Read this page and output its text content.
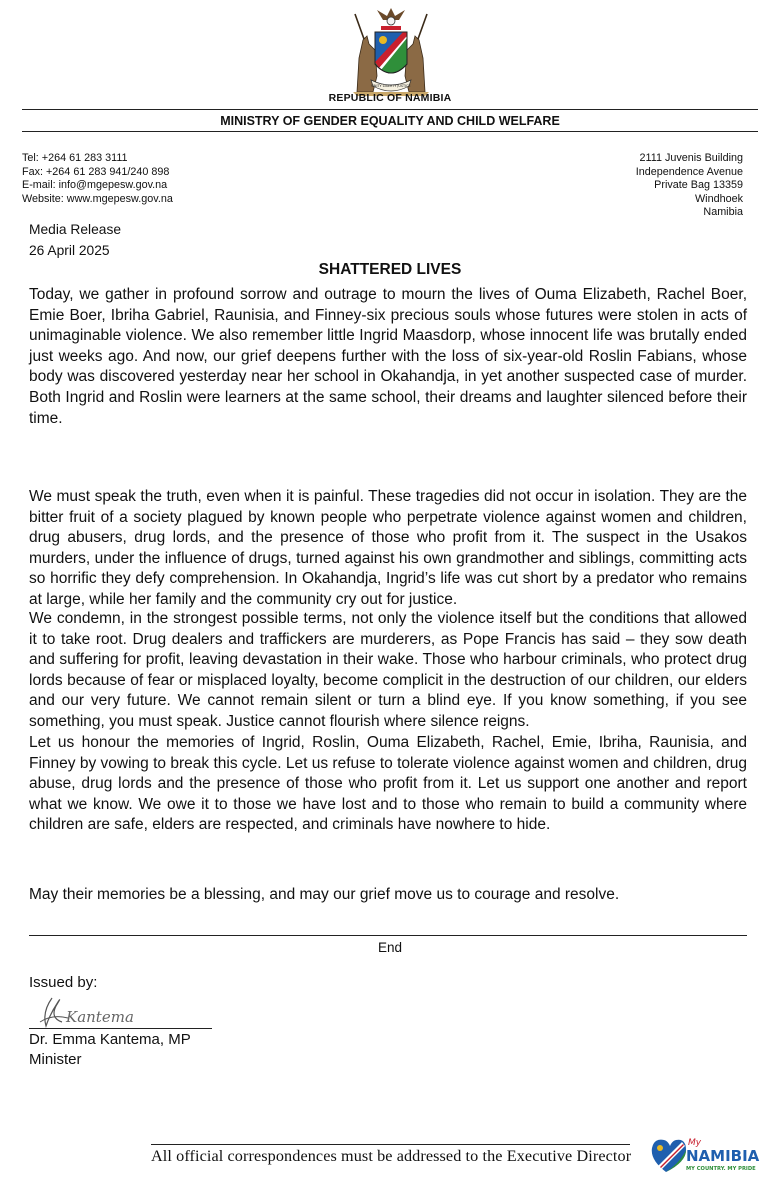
UNITY LIBERTY JUSTICE
REPUBLIC OF NAMIBIA
MINISTRY OF GENDER EQUALITY AND CHILD WELFARE
Tel: +264 61 283 3111
Fax: +264 61 283 941/240 898
E-mail: info@mgepesw.gov.na
Website: www.mgepesw.gov.na
2111 Juvenis Building
Independence Avenue
Private Bag 13359
Windhoek
Namibia
Media Release
26 April 2025
SHATTERED LIVES
Today, we gather in profound sorrow and outrage to mourn the lives of Ouma Elizabeth, Rachel Boer, Emie Boer, Ibriha Gabriel, Raunisia, and Finney-six precious souls whose futures were stolen in acts of unimaginable violence. We also remember little Ingrid Maasdorp, whose innocent life was brutally ended just weeks ago. And now, our grief deepens further with the loss of six-year-old Roslin Fabians, whose body was discovered yesterday near her school in Okahandja, in yet another suspected case of murder. Both Ingrid and Roslin were learners at the same school, their dreams and laughter silenced before their time.
We must speak the truth, even when it is painful. These tragedies did not occur in isolation. They are the bitter fruit of a society plagued by known people who perpetrate violence against women and children, drug abusers, drug lords, and the presence of those who profit from it. The suspect in the Usakos murders, under the influence of drugs, turned against his own grandmother and siblings, committing acts so horrific they defy comprehension. In Okahandja, Ingrid’s life was cut short by a predator who remains at large, while her family and the community cry out for justice.
We condemn, in the strongest possible terms, not only the violence itself but the conditions that allowed it to take root. Drug dealers and traffickers are murderers, as Pope Francis has said – they sow death and suffering for profit, leaving devastation in their wake. Those who harbour criminals, who protect drug lords because of fear or misplaced loyalty, become complicit in the destruction of our children, our elders and our very future. We cannot remain silent or turn a blind eye. If you know something, if you see something, you must speak. Justice cannot flourish where silence reigns.
Let us honour the memories of Ingrid, Roslin, Ouma Elizabeth, Rachel, Emie, Ibriha, Raunisia, and Finney by vowing to break this cycle. Let us refuse to tolerate violence against women and children, drug abuse, drug lords and the presence of those who profit from it. Let us support one another and report what we know. We owe it to those we have lost and to those who remain to build a community where children are safe, elders are respected, and criminals have nowhere to hide.
May their memories be a blessing, and may our grief move us to courage and resolve.
End
Issued by:
Kantema
Dr. Emma Kantema, MP
Minister
All official correspondences must be addressed to the Executive Director
My
NAMIBIA
MY COUNTRY. MY PRIDE
